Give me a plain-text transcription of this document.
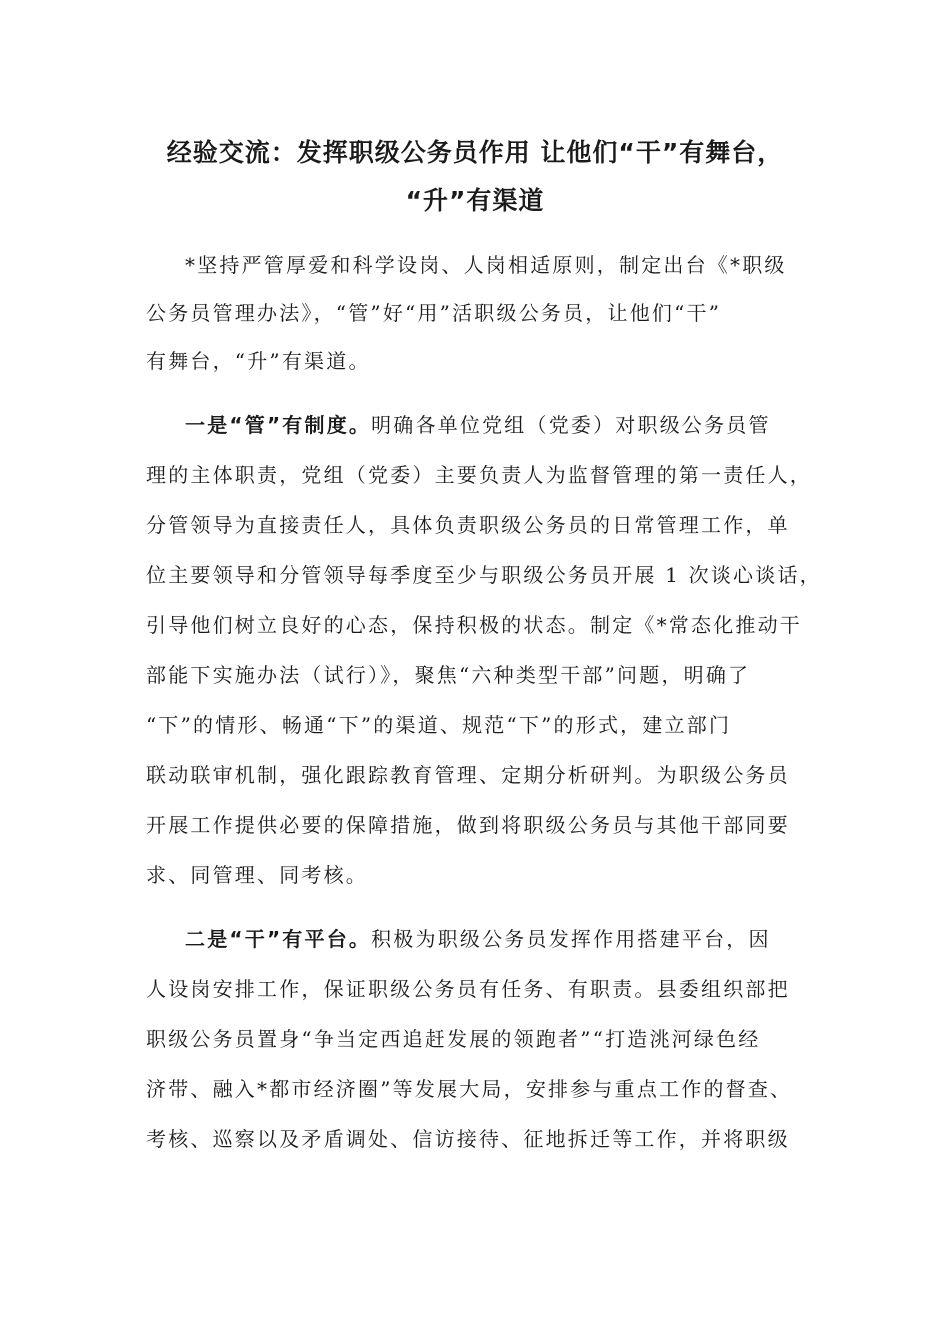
经验交流：发挥职级公务员作用 让他们“干”有舞台，
“升”有渠道
*坚持严管厚爱和科学设岗、人岗相适原则，制定出台《*职级
公务员管理办法》，“管”好“用”活职级公务员，让他们“干”
有舞台，“升”有渠道。
一是“管”有制度。明确各单位党组（党委）对职级公务员管
理的主体职责，党组（党委）主要负责人为监督管理的第一责任人，
分管领导为直接责任人，具体负责职级公务员的日常管理工作，单
位主要领导和分管领导每季度至少与职级公务员开展 1 次谈心谈话，
引导他们树立良好的心态，保持积极的状态。制定《*常态化推动干
部能下实施办法（试行）》，聚焦“六种类型干部”问题，明确了
“下”的情形、畅通“下”的渠道、规范“下”的形式，建立部门
联动联审机制，强化跟踪教育管理、定期分析研判。为职级公务员
开展工作提供必要的保障措施，做到将职级公务员与其他干部同要
求、同管理、同考核。
二是“干”有平台。积极为职级公务员发挥作用搭建平台，因
人设岗安排工作，保证职级公务员有任务、有职责。县委组织部把
职级公务员置身“争当定西追赶发展的领跑者”“打造洮河绿色经
济带、融入*都市经济圈”等发展大局，安排参与重点工作的督查、
考核、巡察以及矛盾调处、信访接待、征地拆迁等工作，并将职级
